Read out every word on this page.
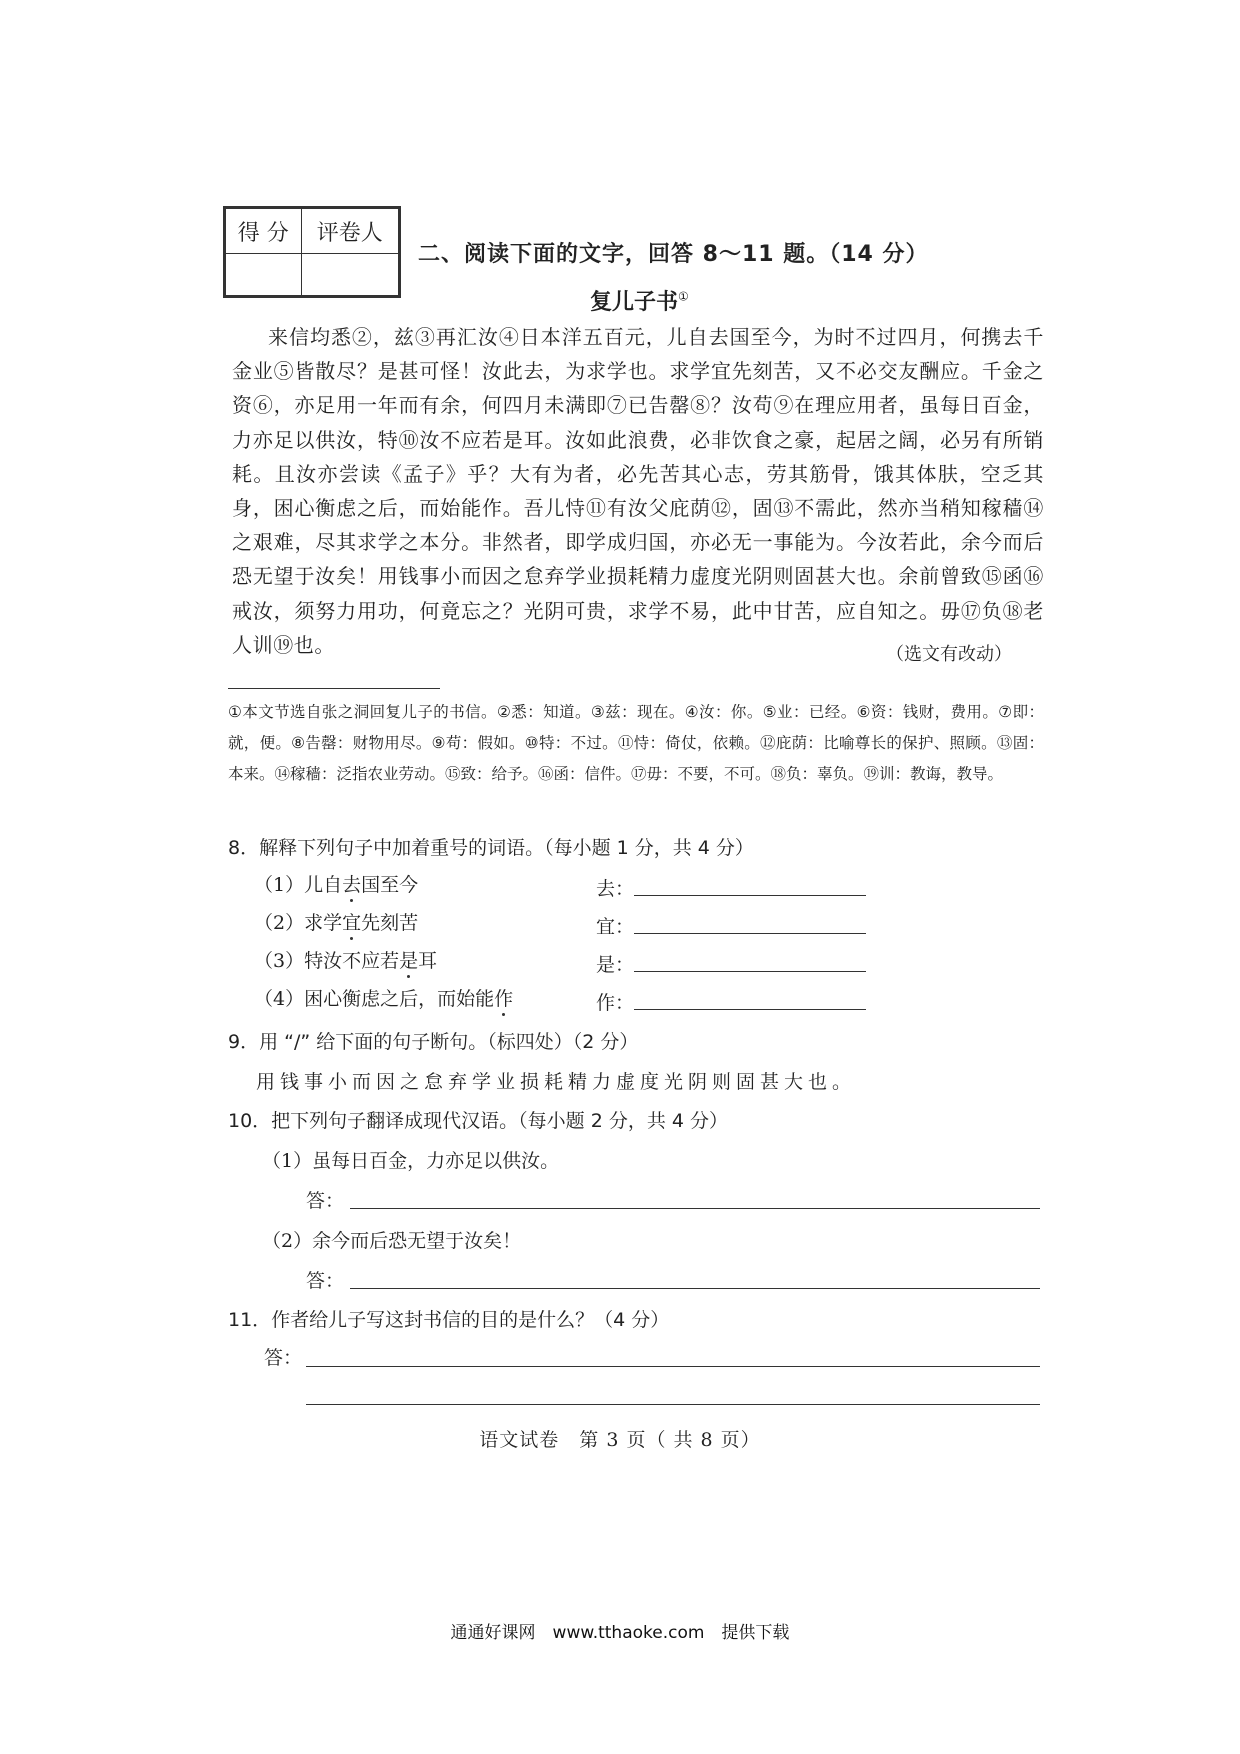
得 分	评卷人

二、阅读下面的文字，回答 8～11 题。（14 分）
复儿子书①
来信均悉②，兹③再汇汝④日本洋五百元，儿自去国至今，为时不过四月，何携去千金业⑤皆散尽？是甚可怪！汝此去，为求学也。求学宜先刻苦，又不必交友酬应。千金之资⑥，亦足用一年而有余，何四月未满即⑦已告罄⑧？汝苟⑨在理应用者，虽每日百金，力亦足以供汝，特⑩汝不应若是耳。汝如此浪费，必非饮食之豪，起居之阔，必另有所销耗。且汝亦尝读《孟子》乎？大有为者，必先苦其心志，劳其筋骨，饿其体肤，空乏其身，困心衡虑之后，而始能作。吾儿恃⑪有汝父庇荫⑫，固⑬不需此，然亦当稍知稼穑⑭之艰难，尽其求学之本分。非然者，即学成归国，亦必无一事能为。今汝若此，余今而后恐无望于汝矣！用钱事小而因之怠弃学业损耗精力虚度光阴则固甚大也。余前曾致⑮函⑯戒汝，须努力用功，何竟忘之？光阴可贵，求学不易，此中甘苦，应自知之。毋⑰负⑱老人训⑲也。	（选文有改动）
①本文节选自张之洞回复儿子的书信。②悉：知道。③兹：现在。④汝：你。⑤业：已经。⑥资：钱财，费用。⑦即：就，便。⑧告罄：财物用尽。⑨苟：假如。⑩特：不过。⑪恃：倚仗，依赖。⑫庇荫：比喻尊长的保护、照顾。⑬固：本来。⑭稼穑：泛指农业劳动。⑮致：给予。⑯函：信件。⑰毋：不要，不可。⑱负：辜负。⑲训：教诲，教导。
8．解释下列句子中加着重号的词语。（每小题 1 分，共 4 分）
（1）儿自去国至今	去：
（2）求学宜先刻苦	宜：
（3）特汝不应若是耳	是：
（4）困心衡虑之后，而始能作	作：
9．用 “/” 给下面的句子断句。（标四处）（2 分）
用钱事小而因之怠弃学业损耗精力虚度光阴则固甚大也。
10．把下列句子翻译成现代汉语。（每小题 2 分，共 4 分）
（1）虽每日百金，力亦足以供汝。
答：
（2）余今而后恐无望于汝矣！
答：
11．作者给儿子写这封书信的目的是什么？（4 分）
答：
语文试卷　第 3 页（ 共 8 页）
通通好课网　www.tthaoke.com　提供下载
